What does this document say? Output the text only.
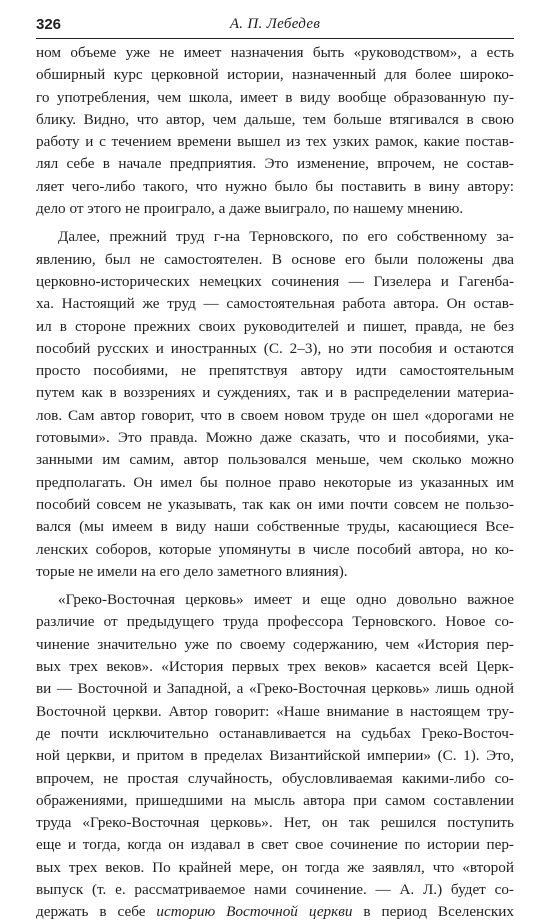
326	А. П. Лебедев
ном объеме уже не имеет назначения быть «руководством», а есть
обширный курс церковной истории, назначенный для более широко-
го употребления, чем школа, имеет в виду вообще образованную пу-
блику. Видно, что автор, чем дальше, тем больше втягивался в свою
работу и с течением времени вышел из тех узких рамок, какие постав-
лял себе в начале предприятия. Это изменение, впрочем, не состав-
ляет чего-либо такого, что нужно было бы поставить в вину автору:
дело от этого не проиграло, а даже выиграло, по нашему мнению.
Далее, прежний труд г-на Терновского, по его собственному за-
явлению, был не самостоятелен. В основе его были положены два
церковно-исторических немецких сочинения — Гизелера и Гагенба-
ха. Настоящий же труд — самостоятельная работа автора. Он остав-
ил в стороне прежних своих руководителей и пишет, правда, не без
пособий русских и иностранных (С. 2–3), но эти пособия и остаются
просто пособиями, не препятствуя автору идти самостоятельным
путем как в воззрениях и суждениях, так и в распределении материа-
лов. Сам автор говорит, что в своем новом труде он шел «дорогами не
готовыми». Это правда. Можно даже сказать, что и пособиями, ука-
занными им самим, автор пользовался меньше, чем сколько можно
предполагать. Он имел бы полное право некоторые из указанных им
пособий совсем не указывать, так как он ими почти совсем не пользо-
вался (мы имеем в виду наши собственные труды, касающиеся Всe-
ленских соборов, которые упомянуты в числе пособий автора, но ко-
торые не имели на его дело заметного влияния).
«Греко-Восточная церковь» имеет и еще одно довольно важное
различие от предыдущего труда профессора Терновского. Новое со-
чинение значительно уже по своему содержанию, чем «История пер-
вых трех веков». «История первых трех веков» касается всей Церк-
ви — Восточной и Западной, а «Греко-Восточная церковь» лишь одной
Восточной церкви. Автор говорит: «Наше внимание в настоящем тру-
де почти исключительно останавливается на судьбах Греко-Восточ-
ной церкви, и притом в пределах Византийской империи» (С. 1). Это,
впрочем, не простая случайность, обусловливаемая какими-либо со-
ображениями, пришедшими на мысль автора при самом составлении
труда «Греко-Восточная церковь». Нет, он так решился поступить
еще и тогда, когда он издавал в свет свое сочинение по истории пер-
вых трех веков. По крайней мере, он тогда же заявлял, что «второй
выпуск (т. е. рассматриваемое нами сочинение. — А. Л.) будет со-
держать в себе историю Восточной церкви в период Вселенских
